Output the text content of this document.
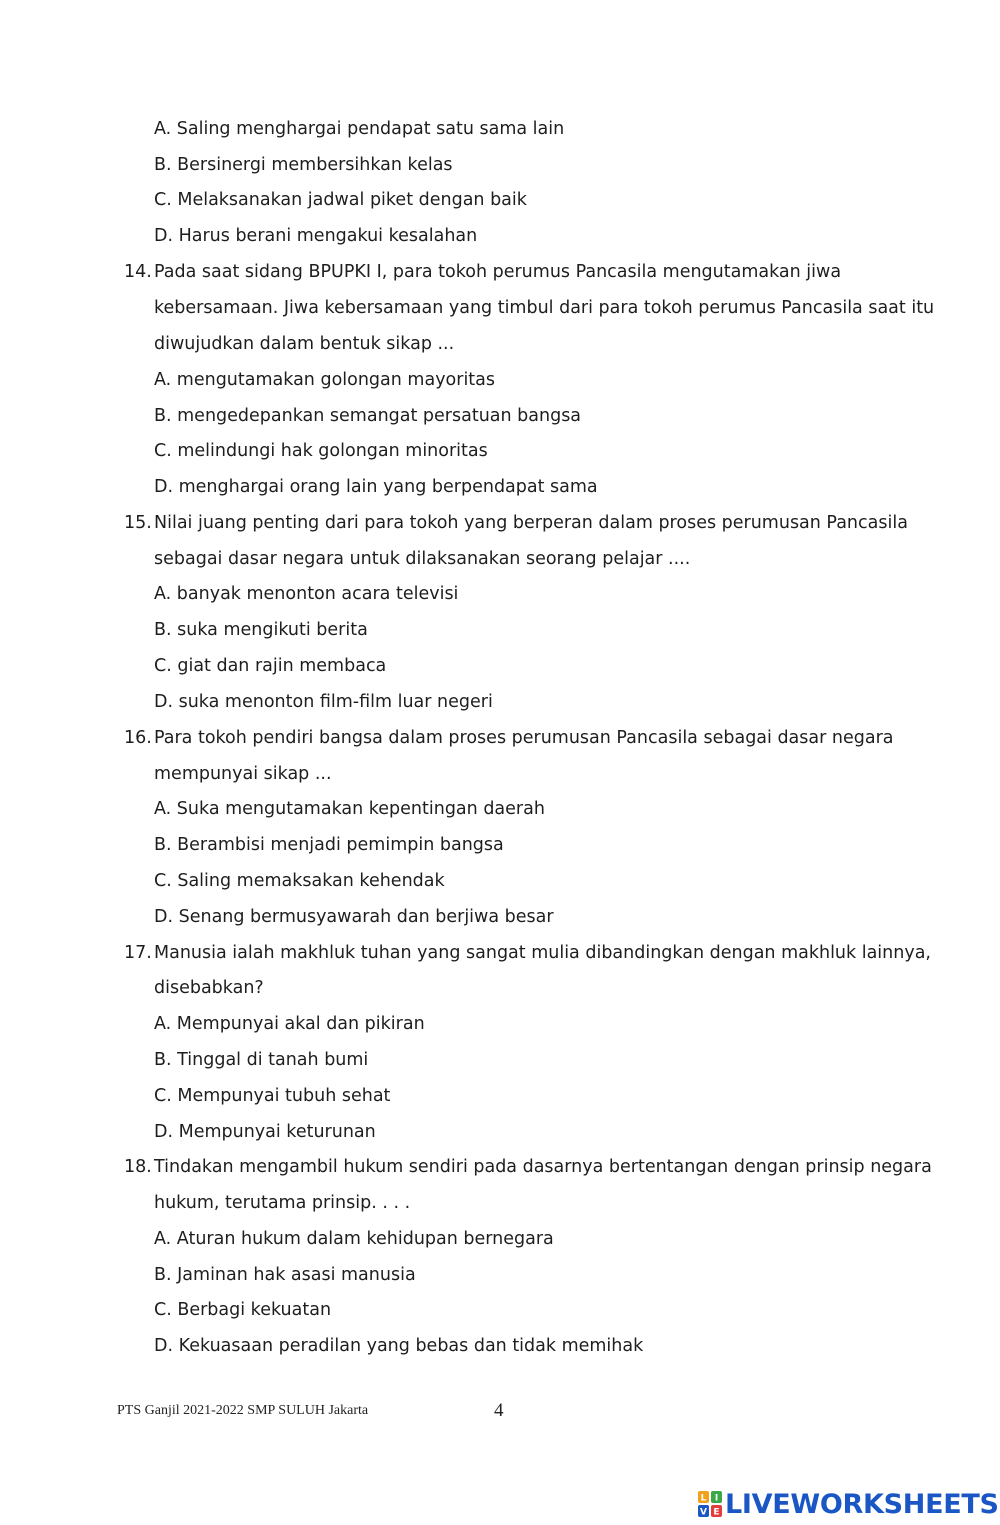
A. Saling menghargai pendapat satu sama lain
B. Bersinergi membersihkan kelas
C. Melaksanakan jadwal piket dengan baik
D. Harus berani mengakui kesalahan
14. Pada saat sidang BPUPKI I, para tokoh perumus Pancasila mengutamakan jiwa
kebersamaan. Jiwa kebersamaan yang timbul dari para tokoh perumus Pancasila saat itu
diwujudkan dalam bentuk sikap ...
A. mengutamakan golongan mayoritas
B. mengedepankan semangat persatuan bangsa
C. melindungi hak golongan minoritas
D. menghargai orang lain yang berpendapat sama
15. Nilai juang penting dari para tokoh yang berperan dalam proses perumusan Pancasila
sebagai dasar negara untuk dilaksanakan seorang pelajar ....
A. banyak menonton acara televisi
B. suka mengikuti berita
C. giat dan rajin membaca
D. suka menonton film-film luar negeri
16. Para tokoh pendiri bangsa dalam proses perumusan Pancasila sebagai dasar negara
mempunyai sikap ...
A. Suka mengutamakan kepentingan daerah
B. Berambisi menjadi pemimpin bangsa
C. Saling memaksakan kehendak
D. Senang bermusyawarah dan berjiwa besar
17. Manusia ialah makhluk tuhan yang sangat mulia dibandingkan dengan makhluk lainnya,
disebabkan?
A. Mempunyai akal dan pikiran
B. Tinggal di tanah bumi
C. Mempunyai tubuh sehat
D. Mempunyai keturunan
18. Tindakan mengambil hukum sendiri pada dasarnya bertentangan dengan prinsip negara
hukum, terutama prinsip. . . .
A. Aturan hukum dalam kehidupan bernegara
B. Jaminan hak asasi manusia
C. Berbagi kekuatan
D. Kekuasaan peradilan yang bebas dan tidak memihak
PTS Ganjil 2021-2022 SMP SULUH Jakarta	4
L I
V E LIVEWORKSHEETS
